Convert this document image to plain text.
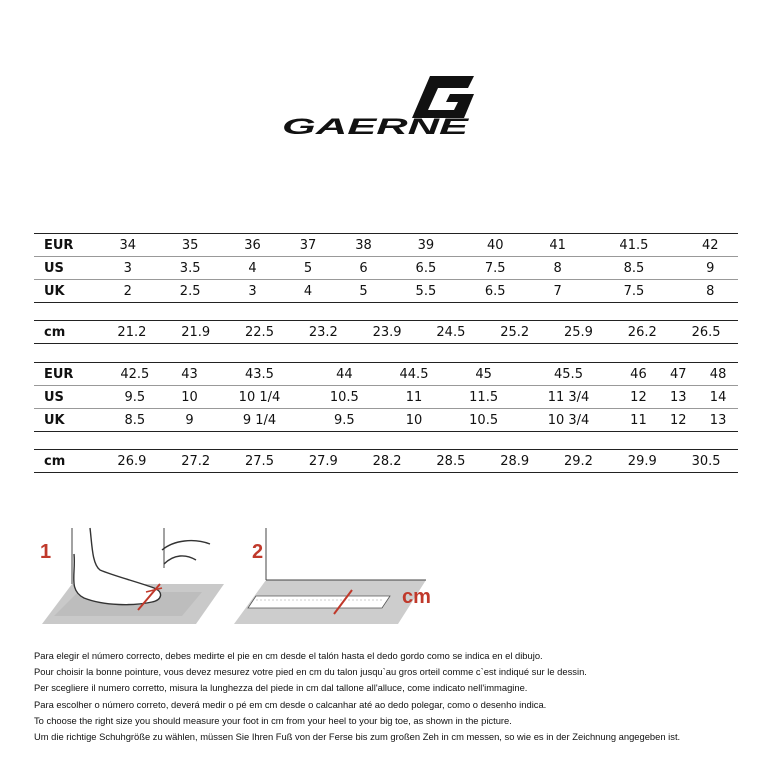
GAERNE
EUR	34	35	36	37	38	39	40	41	41.5	42
US	3	3.5	4	5	6	6.5	7.5	8	8.5	9
UK	2	2.5	3	4	5	5.5	6.5	7	7.5	8
cm	21.2	21.9	22.5	23.2	23.9	24.5	25.2	25.9	26.2	26.5
EUR	42.5	43	43.5	44	44.5	45	45.5	46	47	48
US	9.5	10	10 1/4	10.5	11	11.5	11 3/4	12	13	14
UK	8.5	9	9 1/4	9.5	10	10.5	10 3/4	11	12	13
cm	26.9	27.2	27.5	27.9	28.2	28.5	28.9	29.2	29.9	30.5
1	2
cm
Para elegir el número correcto, debes medirte el pie en cm desde el talón hasta el dedo gordo como se indica en el dibujo.
Pour choisir la bonne pointure, vous devez mesurez votre pied en cm du talon jusqu`au gros orteil comme c`est indiqué sur le dessin.
Per scegliere il numero corretto, misura la lunghezza del piede in cm dal tallone all'alluce, come indicato nell'immagine.
Para escolher o número correto, deverá medir o pé em cm desde o calcanhar até ao dedo polegar, como o desenho indica.
To choose the right size you should measure your foot in cm from your heel to your big toe, as shown in the picture.
Um die richtige Schuhgröße zu wählen, müssen Sie Ihren Fuß von der Ferse bis zum großen Zeh in cm messen, so wie es in der Zeichnung angegeben ist.
